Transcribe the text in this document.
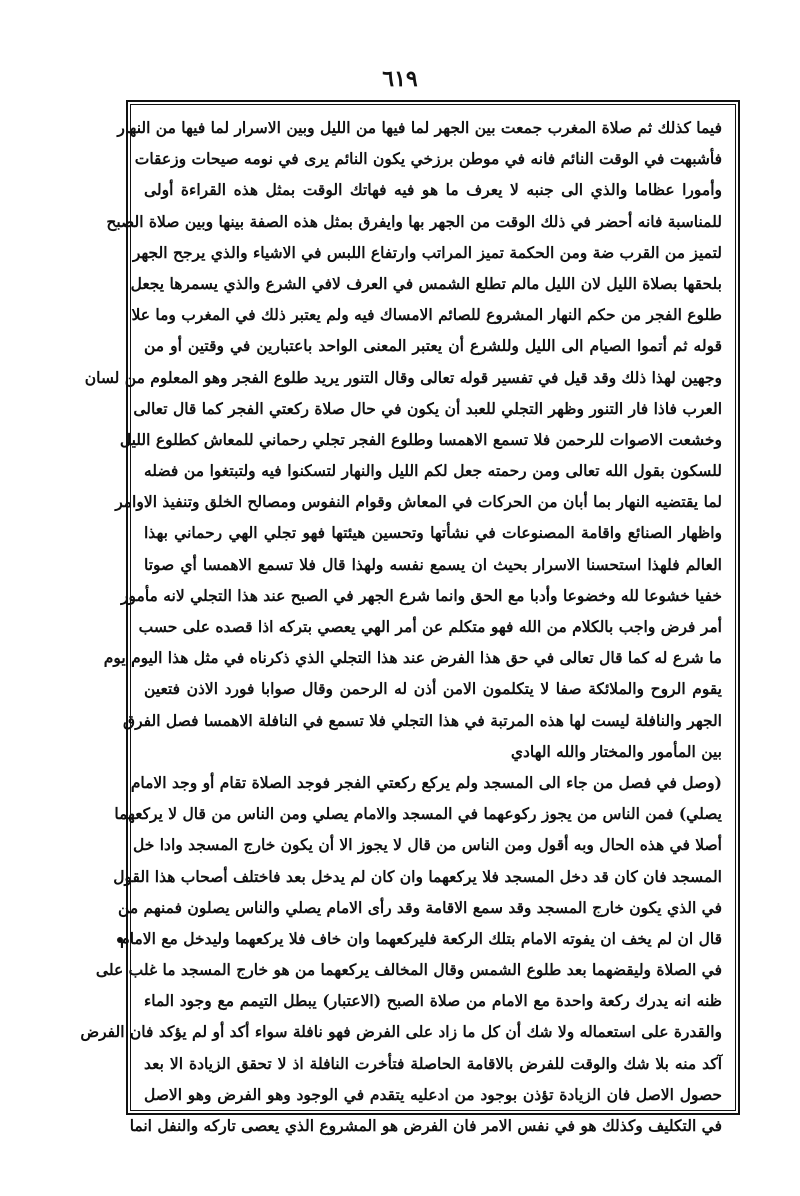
٦١٩
فيما كذلك ثم صلاة المغرب جمعت بين الجهر لما فيها من الليل وبين الاسرار لما فيها من النهار
فأشبهت في الوقت النائم فانه في موطن برزخي يكون النائم يرى في نومه صيحات وزعقات
وأمورا عظاما والذي الى جنبه لا يعرف ما هو فيه فهاتك الوقت بمثل هذه القراءة أولى
للمناسبة فانه أحضر في ذلك الوقت من الجهر بها وايفرق بمثل هذه الصفة بينها وبين صلاة الصبح
لتميز من القرب ضة ومن الحكمة تميز المراتب وارتفاع اللبس في الاشياء والذي يرجح الجهر
بلحقها بصلاة الليل لان الليل مالم تطلع الشمس في العرف لافي الشرع والذي يسمرها يجعل
طلوع الفجر من حكم النهار المشروع للصائم الامساك فيه ولم يعتبر ذلك في المغرب وما علا
قوله ثم أتموا الصيام الى الليل وللشرع أن يعتبر المعنى الواحد باعتبارين في وقتين أو من
وجهين لهذا ذلك وقد قيل في تفسير قوله تعالى وقال التنور يريد طلوع الفجر وهو المعلوم من لسان
العرب فاذا فار التنور وظهر التجلي للعبد أن يكون في حال صلاة ركعتي الفجر كما قال تعالى
وخشعت الاصوات للرحمن فلا تسمع الاهمسا وطلوع الفجر تجلي رحماني للمعاش كطلوع الليل
للسكون بقول الله تعالى ومن رحمته جعل لكم الليل والنهار لتسكنوا فيه ولتبتغوا من فضله
لما يقتضيه النهار بما أبان من الحركات في المعاش وقوام النفوس ومصالح الخلق وتنفيذ الاوامر
واظهار الصنائع واقامة المصنوعات في نشأتها وتحسين هيئتها فهو تجلي الهي رحماني بهذا
العالم فلهذا استحسنا الاسرار بحيث ان يسمع نفسه ولهذا قال فلا تسمع الاهمسا أي صوتا
خفيا خشوعا لله وخضوعا وأدبا مع الحق وانما شرع الجهر في الصبح عند هذا التجلي لانه مأمور
أمر فرض واجب بالكلام من الله فهو متكلم عن أمر الهي يعصي بتركه اذا قصده على حسب
ما شرع له كما قال تعالى في حق هذا الفرض عند هذا التجلي الذي ذكرناه في مثل هذا اليوم يوم
يقوم الروح والملائكة صفا لا يتكلمون الامن أذن له الرحمن وقال صوابا فورد الاذن فتعين
الجهر والنافلة ليست لها هذه المرتبة في هذا التجلي فلا تسمع في النافلة الاهمسا فصل الفرق
بين المأمور والمختار والله الهادي
(وصل في فصل من جاء الى المسجد ولم يركع ركعتي الفجر فوجد الصلاة تقام أو وجد الامام
يصلي) فمن الناس من يجوز ركوعهما في المسجد والامام يصلي ومن الناس من قال لا يركعهما
أصلا في هذه الحال وبه أقول ومن الناس من قال لا يجوز الا أن يكون خارج المسجد وادا خل
المسجد فان كان قد دخل المسجد فلا يركعهما وان كان لم يدخل بعد فاختلف أصحاب هذا القول
في الذي يكون خارج المسجد وقد سمع الاقامة وقد رأى الامام يصلي والناس يصلون فمنهم من
قال ان لم يخف ان يفوته الامام بتلك الركعة فليركعهما وان خاف فلا يركعهما وليدخل مع الامام
في الصلاة وليقضهما بعد طلوع الشمس وقال المخالف يركعهما من هو خارج المسجد ما غلب على
ظنه انه يدرك ركعة واحدة مع الامام من صلاة الصبح (الاعتبار) يبطل التيمم مع وجود الماء
والقدرة على استعماله ولا شك أن كل ما زاد على الفرض فهو نافلة سواء أكد أو لم يؤكد فان الفرض
آكد منه بلا شك والوقت للفرض بالاقامة الحاصلة فتأخرت النافلة اذ لا تحقق الزيادة الا بعد
حصول الاصل فان الزيادة تؤذن بوجود من ادعليه يتقدم في الوجود وهو الفرض وهو الاصل
في التكليف وكذلك هو في نفس الامر فان الفرض هو المشروع الذي يعصى تاركه والنفل انما
